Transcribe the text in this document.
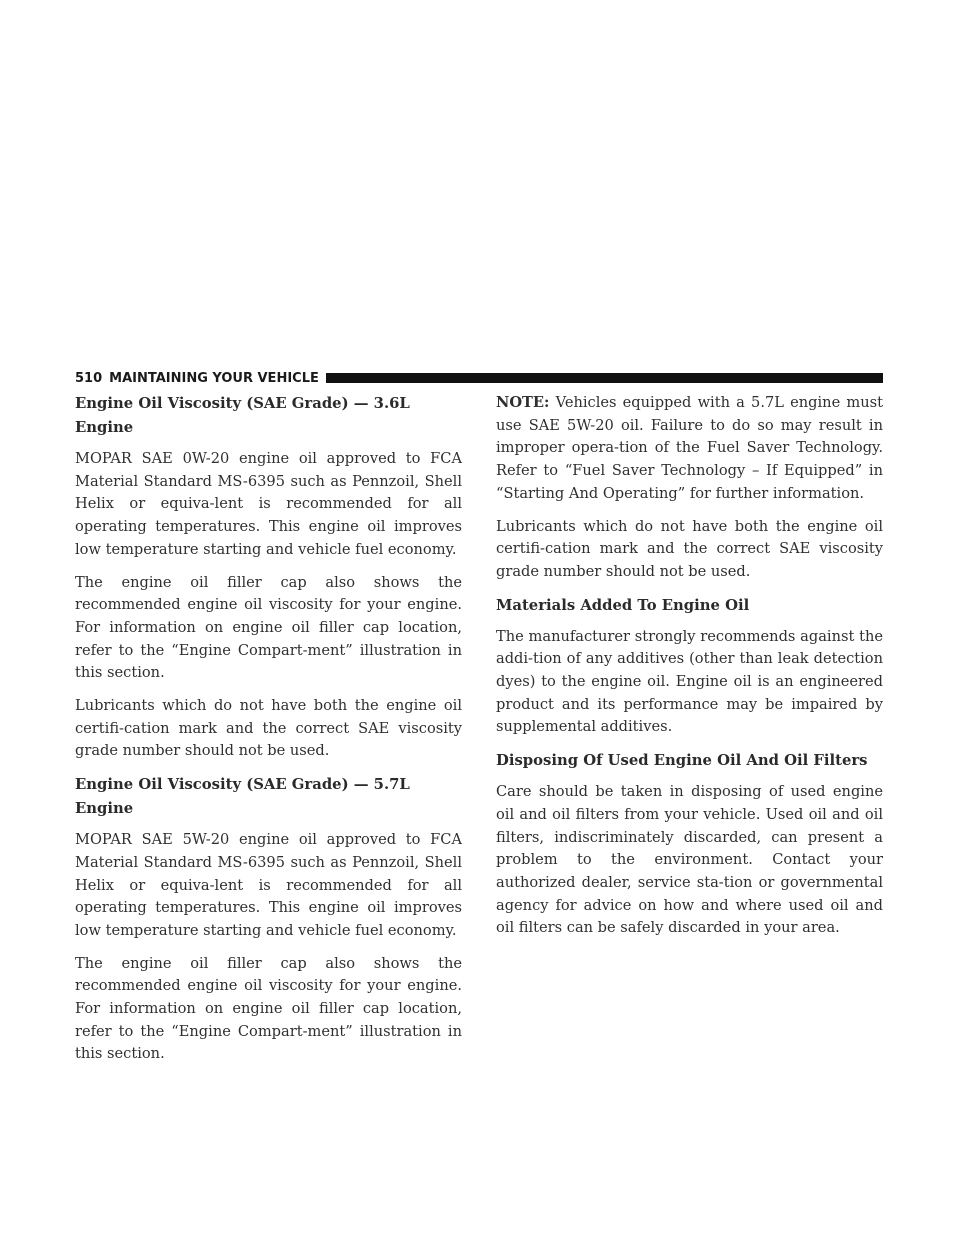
510 MAINTAINING YOUR VEHICLE
Engine Oil Viscosity (SAE Grade) — 3.6L Engine

MOPAR SAE 0W-20 engine oil approved to FCA Material Standard MS-6395 such as Pennzoil, Shell Helix or equiva-lent is recommended for all operating temperatures. This engine oil improves low temperature starting and vehicle fuel economy.

The engine oil filler cap also shows the recommended engine oil viscosity for your engine. For information on engine oil filler cap location, refer to the “Engine Compart-ment” illustration in this section.

Lubricants which do not have both the engine oil certifi-cation mark and the correct SAE viscosity grade number should not be used.

Engine Oil Viscosity (SAE Grade) — 5.7L Engine

MOPAR SAE 5W-20 engine oil approved to FCA Material Standard MS-6395 such as Pennzoil, Shell Helix or equiva-lent is recommended for all operating temperatures. This engine oil improves low temperature starting and vehicle fuel economy.

The engine oil filler cap also shows the recommended engine oil viscosity for your engine. For information on engine oil filler cap location, refer to the “Engine Compart-ment” illustration in this section.

NOTE: Vehicles equipped with a 5.7L engine must use SAE 5W-20 oil. Failure to do so may result in improper opera-tion of the Fuel Saver Technology. Refer to “Fuel Saver Technology – If Equipped” in “Starting And Operating” for further information.

Lubricants which do not have both the engine oil certifi-cation mark and the correct SAE viscosity grade number should not be used.

Materials Added To Engine Oil

The manufacturer strongly recommends against the addi-tion of any additives (other than leak detection dyes) to the engine oil. Engine oil is an engineered product and its performance may be impaired by supplemental additives.

Disposing Of Used Engine Oil And Oil Filters

Care should be taken in disposing of used engine oil and oil filters from your vehicle. Used oil and oil filters, indiscriminately discarded, can present a problem to the environment. Contact your authorized dealer, service sta-tion or governmental agency for advice on how and where used oil and oil filters can be safely discarded in your area.
